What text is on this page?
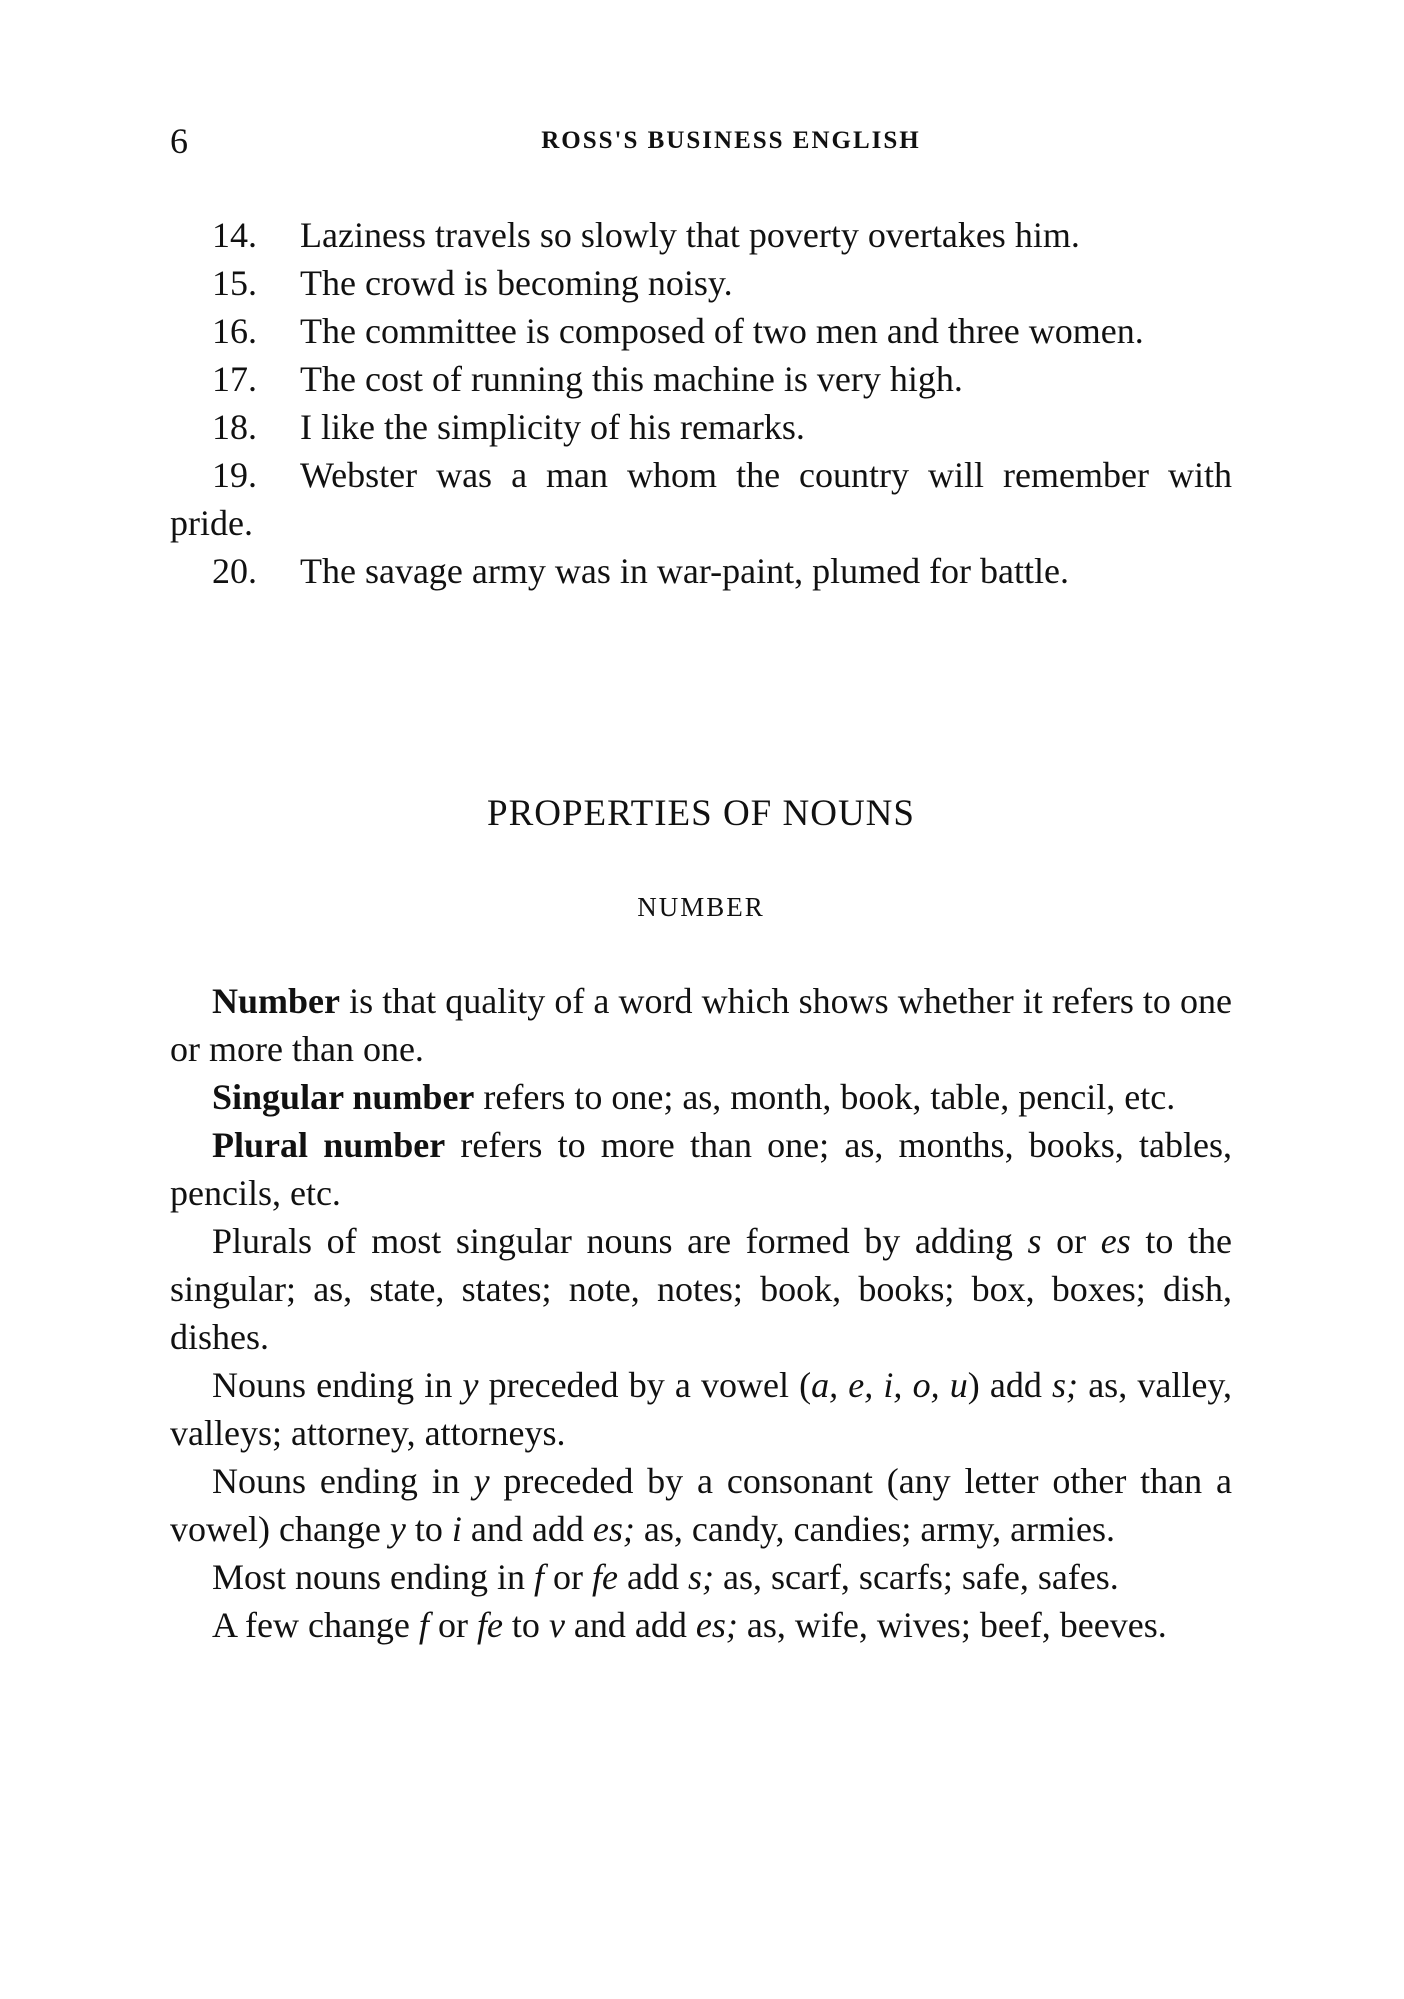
6	ROSS'S BUSINESS ENGLISH

14. Laziness travels so slowly that poverty overtakes him.

15. The crowd is becoming noisy.

16. The committee is composed of two men and three women.

17. The cost of running this machine is very high.

18. I like the simplicity of his remarks.

19. Webster was a man whom the country will remember with pride.

20. The savage army was in war-paint, plumed for battle.

PROPERTIES OF NOUNS
NUMBER

Number is that quality of a word which shows whether it refers to one or more than one.

Singular number refers to one; as, month, book, table, pencil, etc.

Plural number refers to more than one; as, months, books, tables, pencils, etc.

Plurals of most singular nouns are formed by adding s or es to the singular; as, state, states; note, notes; book, books; box, boxes; dish, dishes.

Nouns ending in y preceded by a vowel (a, e, i, o, u) add s; as, valley, valleys; attorney, attorneys.

Nouns ending in y preceded by a consonant (any letter other than a vowel) change y to i and add es; as, candy, candies; army, armies.

Most nouns ending in f or fe add s; as, scarf, scarfs; safe, safes.

A few change f or fe to v and add es; as, wife, wives; beef, beeves.
